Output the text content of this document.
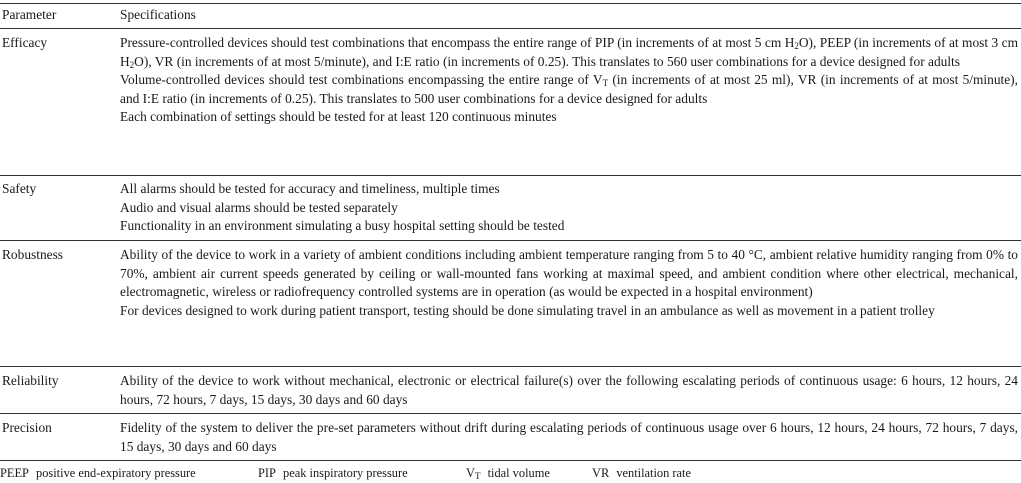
Parameter	Specifications
Efficacy	Pressure-controlled devices should test combinations that encompass the entire range of PIP (in increments of at most 5 cm $H_2O$), PEEP (in increments of at most 3 cm $H_2O$), VR (in increments of at most 5/minute), and I:E ratio (in increments of 0.25). This translates to 560 user combinations for a device designed for adults

Volume-controlled devices should test combinations encompassing the entire range of $V_T$ (in increments of at most 25 ml), VR (in increments of at most 5/minute), and I:E ratio (in increments of 0.25). This translates to 500 user combinations for a device designed for adults

Each combination of settings should be tested for at least 120 continuous minutes

Safety	All alarms should be tested for accuracy and timeliness, multiple times

Audio and visual alarms should be tested separately

Functionality in an environment simulating a busy hospital setting should be tested

Robustness	Ability of the device to work in a variety of ambient conditions including ambient temperature ranging from 5 to 40 °C, ambient relative humidity ranging from 0% to 70%, ambient air current speeds generated by ceiling or wall-mounted fans working at maximal speed, and ambient condition where other electrical, mechanical, electromagnetic, wireless or radiofrequency controlled systems are in operation (as would be expected in a hospital environment)

For devices designed to work during patient transport, testing should be done simulating travel in an ambulance as well as movement in a patient trolley

Reliability	Ability of the device to work without mechanical, electronic or electrical failure(s) over the following escalating periods of continuous usage: 6 hours, 12 hours, 24 hours, 72 hours, 7 days, 15 days, 30 days and 60 days

Precision	Fidelity of the system to deliver the pre-set parameters without drift during escalating periods of continuous usage over 6 hours, 12 hours, 24 hours, 72 hours, 7 days, 15 days, 30 days and 60 days

PEEP positive end-expiratory pressure	PIP peak inspiratory pressure	$V_T$ tidal volume	VR ventilation rate
